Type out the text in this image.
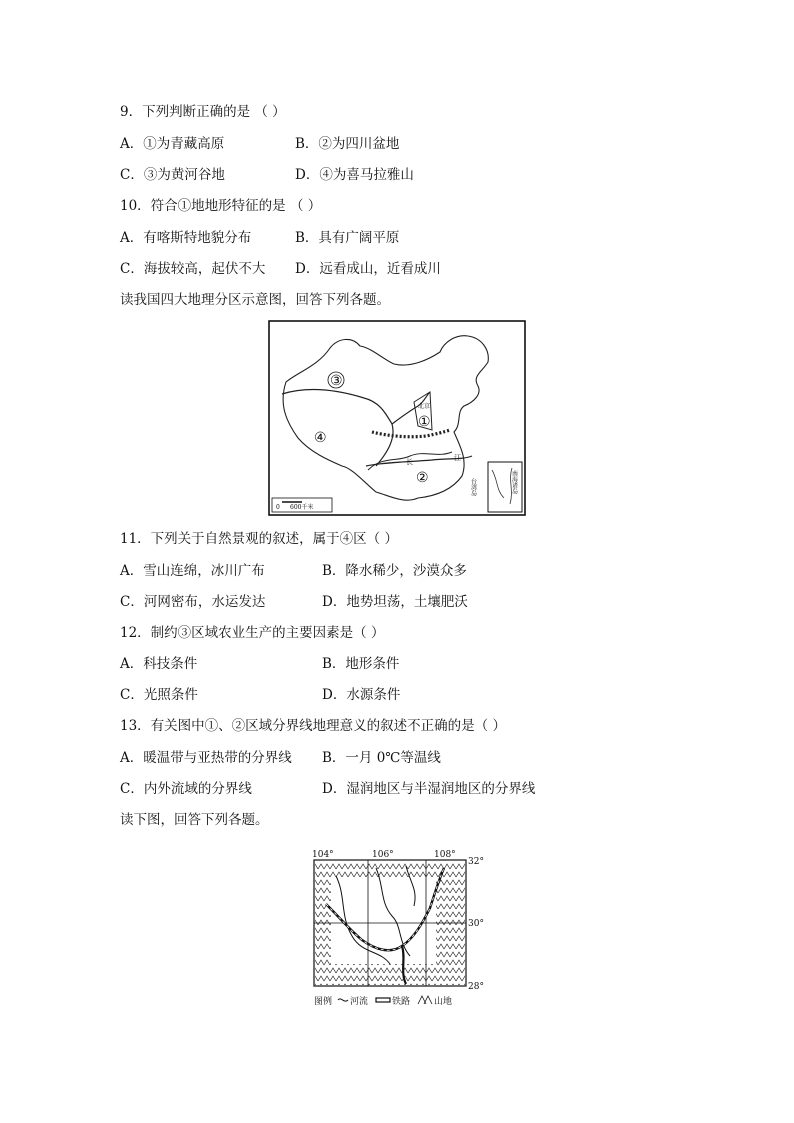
9．下列判断正确的是 （ ）
A．①为青藏高原	B．②为四川盆地
C．③为黄河谷地	D．④为喜马拉雅山
10．符合①地地形特征的是 （ ）
A．有喀斯特地貌分布	B．具有广阔平原
C．海拔较高，起伏不大 D．远看成山，近看成川
读我国四大地理分区示意图，回答下列各题。
③
④
①
②
北京
长	江
台湾岛	南海诸岛
0 600千米
11．下列关于自然景观的叙述，属于④区（ ）
A．雪山连绵，冰川广布	B．降水稀少，沙漠众多
C．河网密布，水运发达	D．地势坦荡，土壤肥沃
12．制约③区域农业生产的主要因素是（ ）
A．科技条件	B．地形条件
C．光照条件	D．水源条件
13．有关图中①、②区域分界线地理意义的叙述不正确的是（ ）
A．暖温带与亚热带的分界线 B．一月 0℃等温线
C．内外流域的分界线	D．湿润地区与半湿润地区的分界线
读下图，回答下列各题。
104°	106°	108°
32°
30°
28°
图例 河流	铁路	山地
